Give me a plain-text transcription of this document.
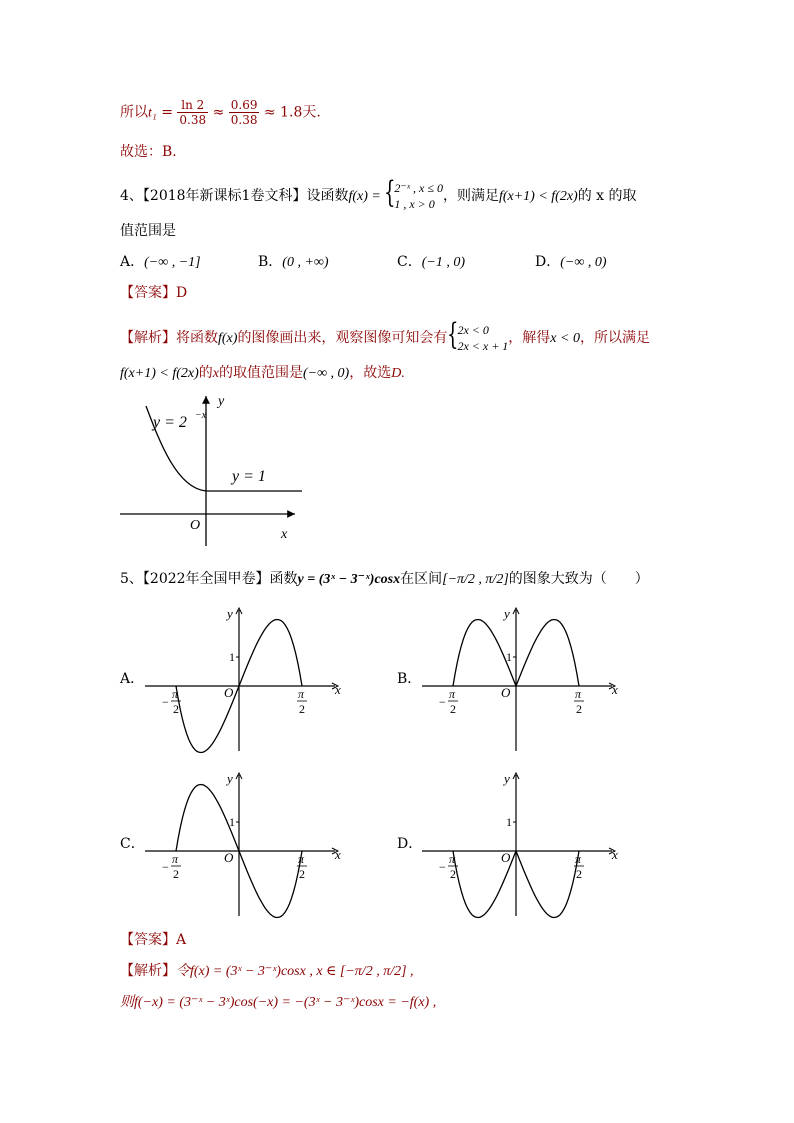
所以$t_1 = \frac{\ln 2}{0.38} \approx \frac{0.69}{0.38} \approx 1.8$天.
故选：B.
4、【2018年新课标1卷文科】设函数f(x) = {
2⁻ˣ , x ≤ 0
1 , x > 0 ，则满足f(x+1) < f(2x)的 x 的取
值范围是
A．(−∞ , −1]	B．(0 , +∞)	C．(−1 , 0)	D．(−∞ , 0)
【答案】D
【解析】将函数f(x)的图像画出来，观察图像可知会有 {
2x < 0
2x < x + 1 ，解得x < 0，所以满足
f(x+1) < f(2x)的x的取值范围是(−∞ , 0)，故选D.
y
x
O
y = 2 −x
y = 1
5、【2022年全国甲卷】函数y = (3ˣ − 3⁻ˣ)cosx在区间[−π/2 , π/2]的图象大致为（　　）
A．
y
x
O
1
−
π
2
π
2
B．
y
x
O
1
−
π
2
π
2
C．
y
x
O
1
−
π
2
π
2
D．
y
x
O
1
−
π
2
π
2
【答案】A
【解析】令f(x) = (3ˣ − 3⁻ˣ)cosx , x ∈ [−π/2 , π/2] ,
则f(−x) = (3⁻ˣ − 3ˣ)cos(−x) = −(3ˣ − 3⁻ˣ)cosx = −f(x) ,
